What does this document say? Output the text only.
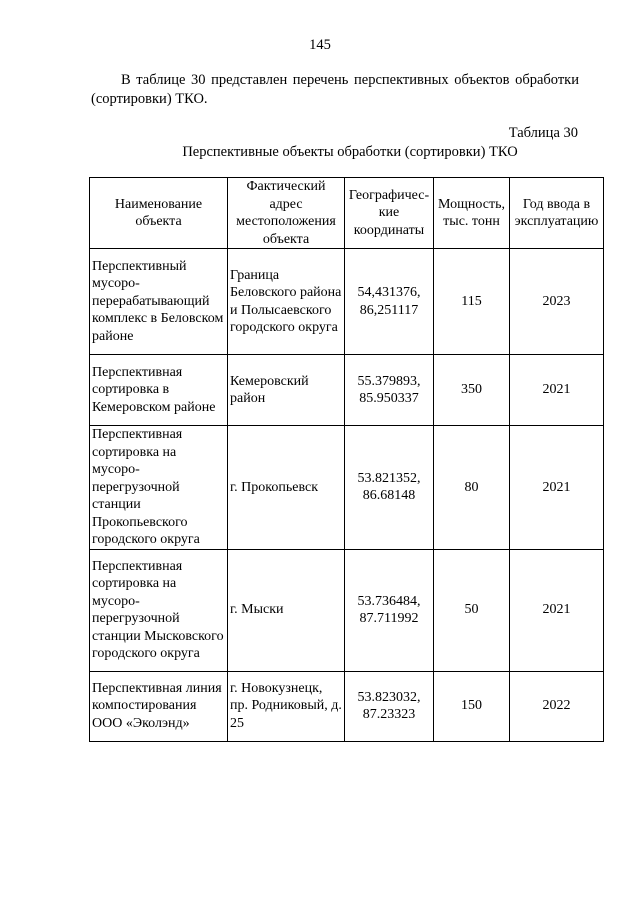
145

В таблице 30 представлен перечень перспективных объектов обработки (сортировки) ТКО.

Таблица 30
Перспективные объекты обработки (сортировки) ТКО
Наименование объекта	Фактический адрес местоположения объекта	Географичес-кие координаты	Мощность, тыс. тонн	Год ввода в эксплуатацию
Перспективный мусоро-перерабатывающий комплекс в Беловском районе	Граница Беловского района и Полысаевского городского округа	54,431376, 86,251117	115	2023
Перспективная сортировка в Кемеровском районе	Кемеровский район	55.379893, 85.950337	350	2021
Перспективная сортировка на мусоро-перегрузочной станции Прокопьевского городского округа	г. Прокопьевск	53.821352, 86.68148	80	2021
Перспективная сортировка на мусоро-перегрузочной станции Мысковского городского округа	г. Мыски	53.736484, 87.711992	50	2021
Перспективная линия компостирования ООО «Эколэнд»	г. Новокузнецк, пр. Родниковый, д. 25	53.823032, 87.23323	150	2022
